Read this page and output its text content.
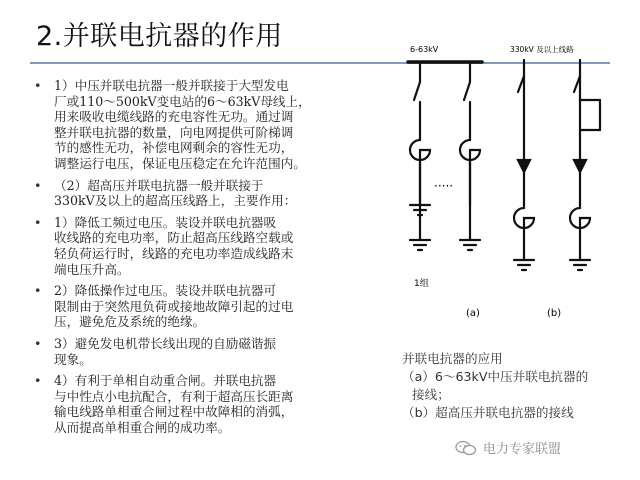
2.并联电抗器的作用
• 1）中压并联电抗器一般并联接于大型发电
厂或110～500kV变电站的6～63kV母线上，
用来吸收电缆线路的充电容性无功。通过调
整并联电抗器的数量，向电网提供可阶梯调
节的感性无功，补偿电网剩余的容性无功，
调整运行电压，保证电压稳定在允许范围内。
• （2）超高压并联电抗器一般并联接于
330kV及以上的超高压线路上，主要作用：
• 1）降低工频过电压。装设并联电抗器吸
收线路的充电功率，防止超高压线路空载或
轻负荷运行时，线路的充电功率造成线路末
端电压升高。
• 2）降低操作过电压。装设并联电抗器可
限制由于突然甩负荷或接地故障引起的过电
压，避免危及系统的绝缘。
• 3）避免发电机带长线出现的自励磁谐振
现象。
• 4）有利于单相自动重合闸。并联电抗器
与中性点小电抗配合，有利于超高压长距离
输电线路单相重合闸过程中故障相的消弧，
从而提高单相重合闸的成功率。
6-63kV	330kV 及以上线路
·····
1组
(a)	(b)
并联电抗器的应用
（a）6～63kV中压并联电抗器的
接线；
（b）超高压并联电抗器的接线
电力专家联盟
